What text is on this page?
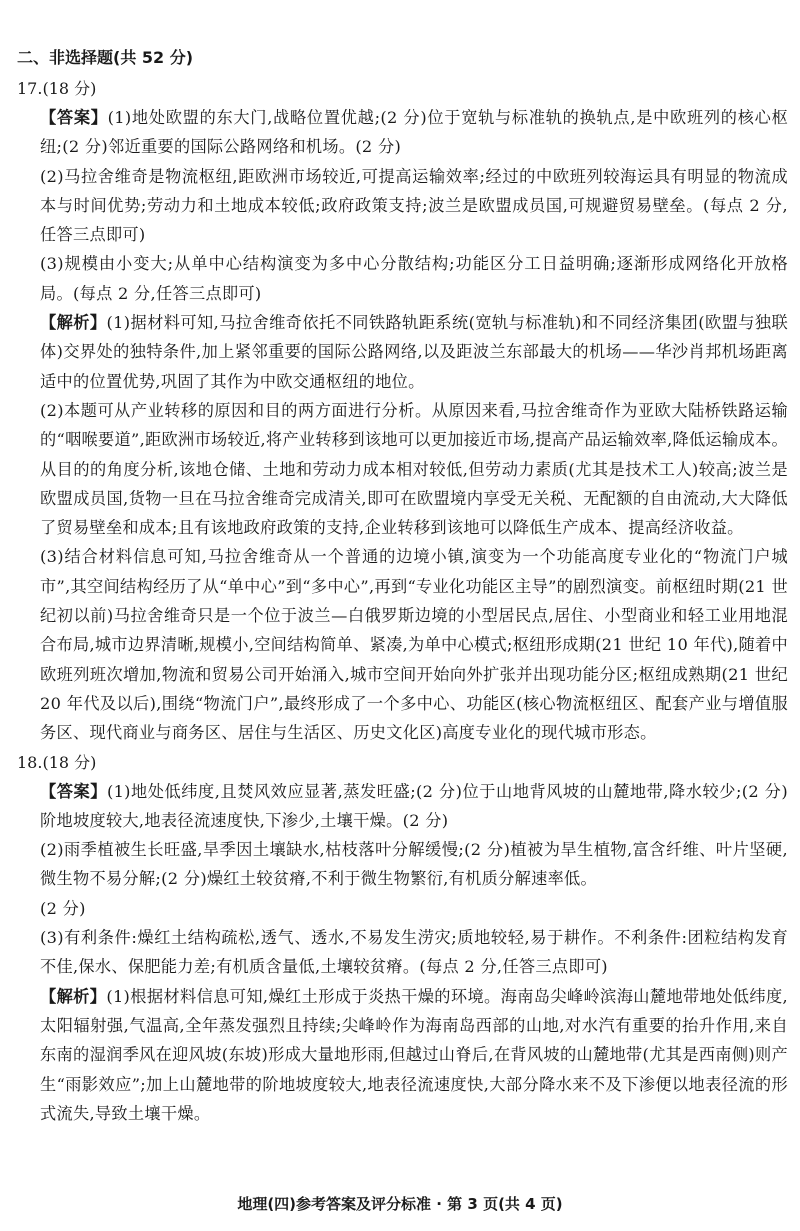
二、非选择题(共 52 分)
17.(18 分)

【答案】(1)地处欧盟的东大门,战略位置优越;(2 分)位于宽轨与标准轨的换轨点,是中欧班列的核心枢纽;(2 分)邻近重要的国际公路网络和机场。(2 分)

(2)马拉舍维奇是物流枢纽,距欧洲市场较近,可提高运输效率;经过的中欧班列较海运具有明显的物流成本与时间优势;劳动力和土地成本较低;政府政策支持;波兰是欧盟成员国,可规避贸易壁垒。(每点 2 分,任答三点即可)

(3)规模由小变大;从单中心结构演变为多中心分散结构;功能区分工日益明确;逐渐形成网络化开放格局。(每点 2 分,任答三点即可)

【解析】(1)据材料可知,马拉舍维奇依托不同铁路轨距系统(宽轨与标准轨)和不同经济集团(欧盟与独联体)交界处的独特条件,加上紧邻重要的国际公路网络,以及距波兰东部最大的机场——华沙肖邦机场距离适中的位置优势,巩固了其作为中欧交通枢纽的地位。

(2)本题可从产业转移的原因和目的两方面进行分析。从原因来看,马拉舍维奇作为亚欧大陆桥铁路运输的“咽喉要道”,距欧洲市场较近,将产业转移到该地可以更加接近市场,提高产品运输效率,降低运输成本。从目的的角度分析,该地仓储、土地和劳动力成本相对较低,但劳动力素质(尤其是技术工人)较高;波兰是欧盟成员国,货物一旦在马拉舍维奇完成清关,即可在欧盟境内享受无关税、无配额的自由流动,大大降低了贸易壁垒和成本;且有该地政府政策的支持,企业转移到该地可以降低生产成本、提高经济收益。

(3)结合材料信息可知,马拉舍维奇从一个普通的边境小镇,演变为一个功能高度专业化的“物流门户城市”,其空间结构经历了从“单中心”到“多中心”,再到“专业化功能区主导”的剧烈演变。前枢纽时期(21 世纪初以前)马拉舍维奇只是一个位于波兰—白俄罗斯边境的小型居民点,居住、小型商业和轻工业用地混合布局,城市边界清晰,规模小,空间结构简单、紧凑,为单中心模式;枢纽形成期(21 世纪 10 年代),随着中欧班列班次增加,物流和贸易公司开始涌入,城市空间开始向外扩张并出现功能分区;枢纽成熟期(21 世纪 20 年代及以后),围绕“物流门户”,最终形成了一个多中心、功能区(核心物流枢纽区、配套产业与增值服务区、现代商业与商务区、居住与生活区、历史文化区)高度专业化的现代城市形态。

18.(18 分)

【答案】(1)地处低纬度,且焚风效应显著,蒸发旺盛;(2 分)位于山地背风坡的山麓地带,降水较少;(2 分)阶地坡度较大,地表径流速度快,下渗少,土壤干燥。(2 分)

(2)雨季植被生长旺盛,旱季因土壤缺水,枯枝落叶分解缓慢;(2 分)植被为旱生植物,富含纤维、叶片坚硬,微生物不易分解;(2 分)燥红土较贫瘠,不利于微生物繁衍,有机质分解速率低。

(2 分)

(3)有利条件:燥红土结构疏松,透气、透水,不易发生涝灾;质地较轻,易于耕作。不利条件:团粒结构发育不佳,保水、保肥能力差;有机质含量低,土壤较贫瘠。(每点 2 分,任答三点即可)

【解析】(1)根据材料信息可知,燥红土形成于炎热干燥的环境。海南岛尖峰岭滨海山麓地带地处低纬度,太阳辐射强,气温高,全年蒸发强烈且持续;尖峰岭作为海南岛西部的山地,对水汽有重要的抬升作用,来自东南的湿润季风在迎风坡(东坡)形成大量地形雨,但越过山脊后,在背风坡的山麓地带(尤其是西南侧)则产生“雨影效应”;加上山麓地带的阶地坡度较大,地表径流速度快,大部分降水来不及下渗便以地表径流的形式流失,导致土壤干燥。

地理(四)参考答案及评分标准 · 第 3 页(共 4 页)
